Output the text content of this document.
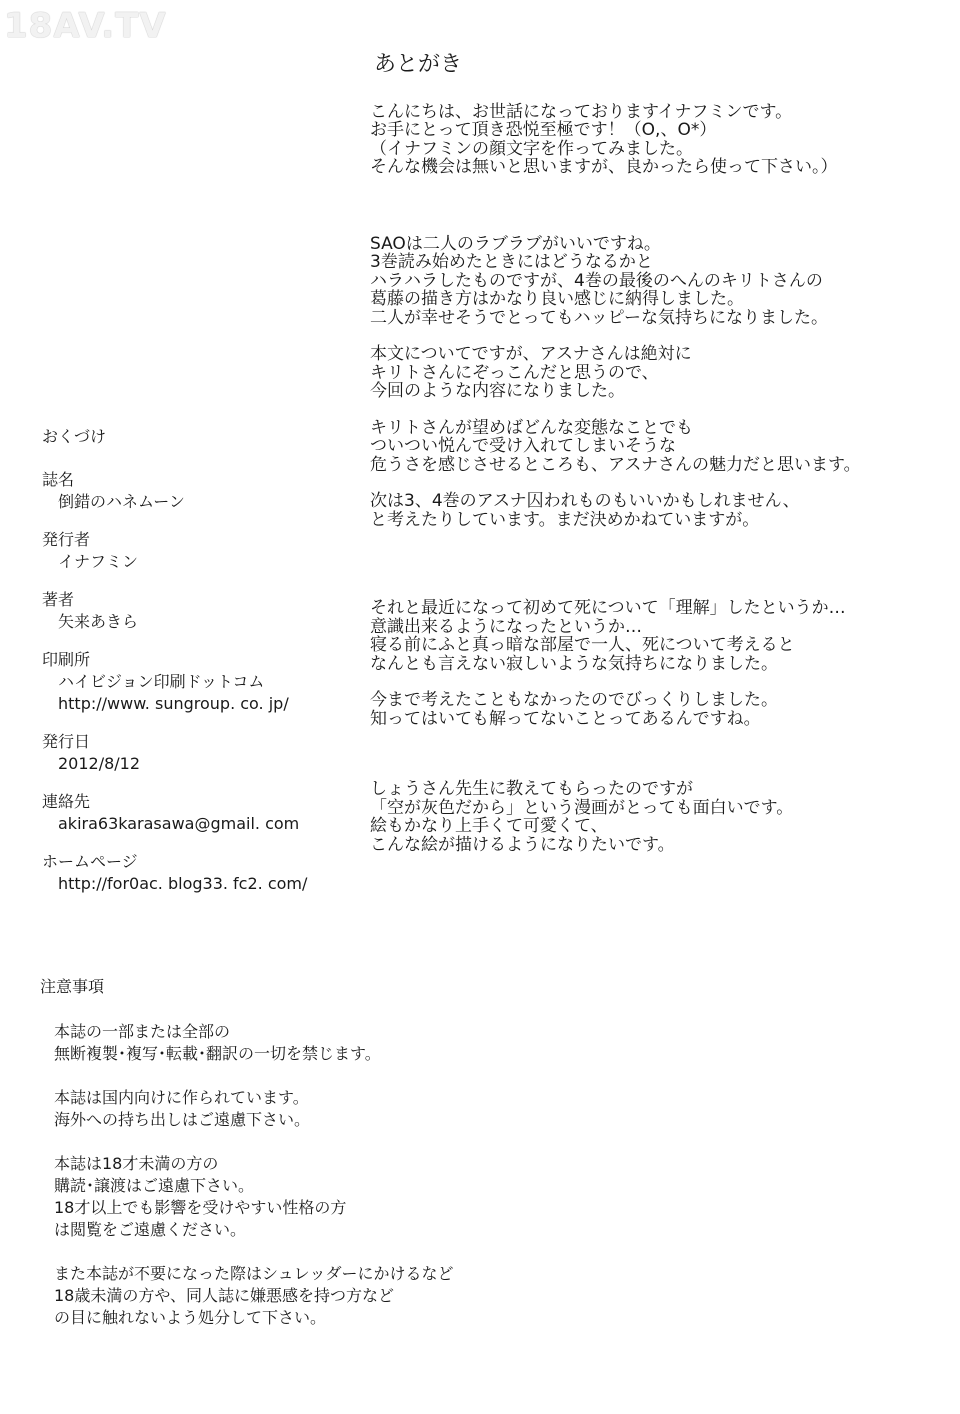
18AV.TV
あとがき
こんにちは、お世話になっておりますイナフミンです。
お手にとって頂き恐悦至極です！（O,、O*）
（イナフミンの顔文字を作ってみました。
そんな機会は無いと思いますが、良かったら使って下さい。）
SAOは二人のラブラブがいいですね。
3巻読み始めたときにはどうなるかと
ハラハラしたものですが、4巻の最後のへんのキリトさんの
葛藤の描き方はかなり良い感じに納得しました。
二人が幸せそうでとってもハッピーな気持ちになりました。
本文についてですが、アスナさんは絶対に
キリトさんにぞっこんだと思うので、
今回のような内容になりました。
キリトさんが望めばどんな変態なことでも
ついつい悦んで受け入れてしまいそうな
危うさを感じさせるところも、アスナさんの魅力だと思います。
次は3、4巻のアスナ囚われものもいいかもしれません、
と考えたりしています。まだ決めかねていますが。
それと最近になって初めて死について「理解」したというか…
意識出来るようになったというか…
寝る前にふと真っ暗な部屋で一人、死について考えると
なんとも言えない寂しいような気持ちになりました。
今まで考えたこともなかったのでびっくりしました。
知ってはいても解ってないことってあるんですね。
しょうさん先生に教えてもらったのですが
「空が灰色だから」という漫画がとっても面白いです。
絵もかなり上手くて可愛くて、
こんな絵が描けるようになりたいです。
おくづけ
誌名
倒錯のハネムーン
発行者
イナフミン
著者
矢来あきら
印刷所
ハイビジョン印刷ドットコム
http://www. sungroup. co. jp/
発行日
2012/8/12
連絡先
akira63karasawa@gmail. com
ホームページ
http://for0ac. blog33. fc2. com/
注意事項
本誌の一部または全部の
無断複製･複写･転載･翻訳の一切を禁じます。
本誌は国内向けに作られています。
海外への持ち出しはご遠慮下さい。
本誌は18才未満の方の
購読･譲渡はご遠慮下さい。
18才以上でも影響を受けやすい性格の方
は閲覧をご遠慮ください。
また本誌が不要になった際はシュレッダーにかけるなど
18歳未満の方や、同人誌に嫌悪感を持つ方など
の目に触れないよう処分して下さい。
